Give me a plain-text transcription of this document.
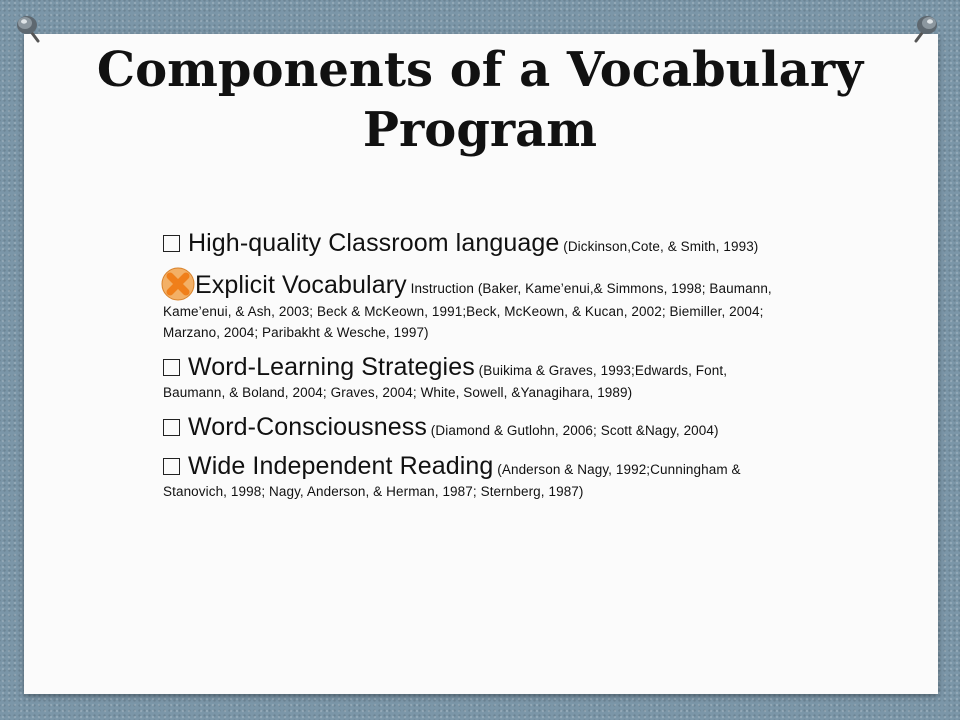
Components of a Vocabulary Program
High-quality Classroom language (Dickinson,Cote, & Smith, 1993)
Explicit Vocabulary Instruction (Baker, Kame’enui,& Simmons, 1998; Baumann, Kame’enui, & Ash, 2003; Beck & McKeown, 1991;Beck, McKeown, & Kucan, 2002; Biemiller, 2004; Marzano, 2004; Paribakht & Wesche, 1997)
Word-Learning Strategies (Buikima & Graves, 1993;Edwards, Font, Baumann, & Boland, 2004; Graves, 2004; White, Sowell, &Yanagihara, 1989)
Word-Consciousness (Diamond & Gutlohn, 2006; Scott &Nagy, 2004)
Wide Independent Reading (Anderson & Nagy, 1992;Cunningham & Stanovich, 1998; Nagy, Anderson, & Herman, 1987; Sternberg, 1987)
